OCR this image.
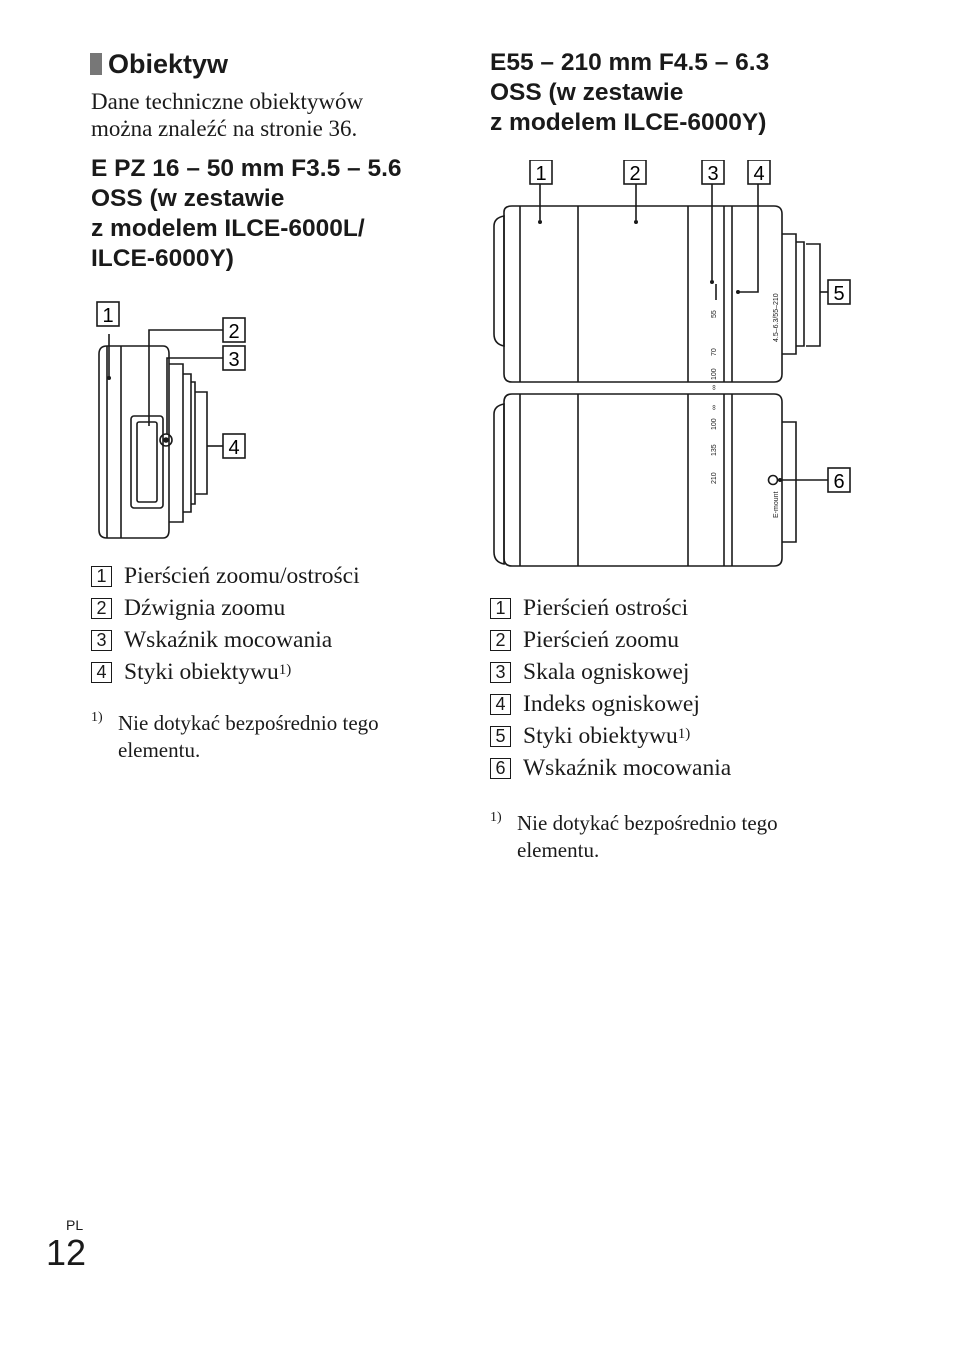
Obiektyw

Dane techniczne obiektywów
można znaleźć na stronie 36.

E PZ 16 – 50 mm F3.5 – 5.6
OSS (w zestawie
z modelem ILCE-6000L/
ILCE-6000Y)
1
2
3
4
1 Pierścień zoomu/ostrości
2 Dźwignia zoomu
3 Wskaźnik mocowania
4 Styki obiektywu$^{1)}$
1) Nie dotykać bezpośrednio tego
elementu.
E55 – 210 mm F4.5 – 6.3
OSS (w zestawie
z modelem ILCE-6000Y)
55
70
100
∞
4.5–6.3/55–210
∞
100
135
210
E-mount
1	2	3 4
5
6
1 Pierścień ostrości
2 Pierścień zoomu
3 Skala ogniskowej
4 Indeks ogniskowej
5 Styki obiektywu$^{1)}$
6 Wskaźnik mocowania
1) Nie dotykać bezpośrednio tego
elementu.
PL
12
